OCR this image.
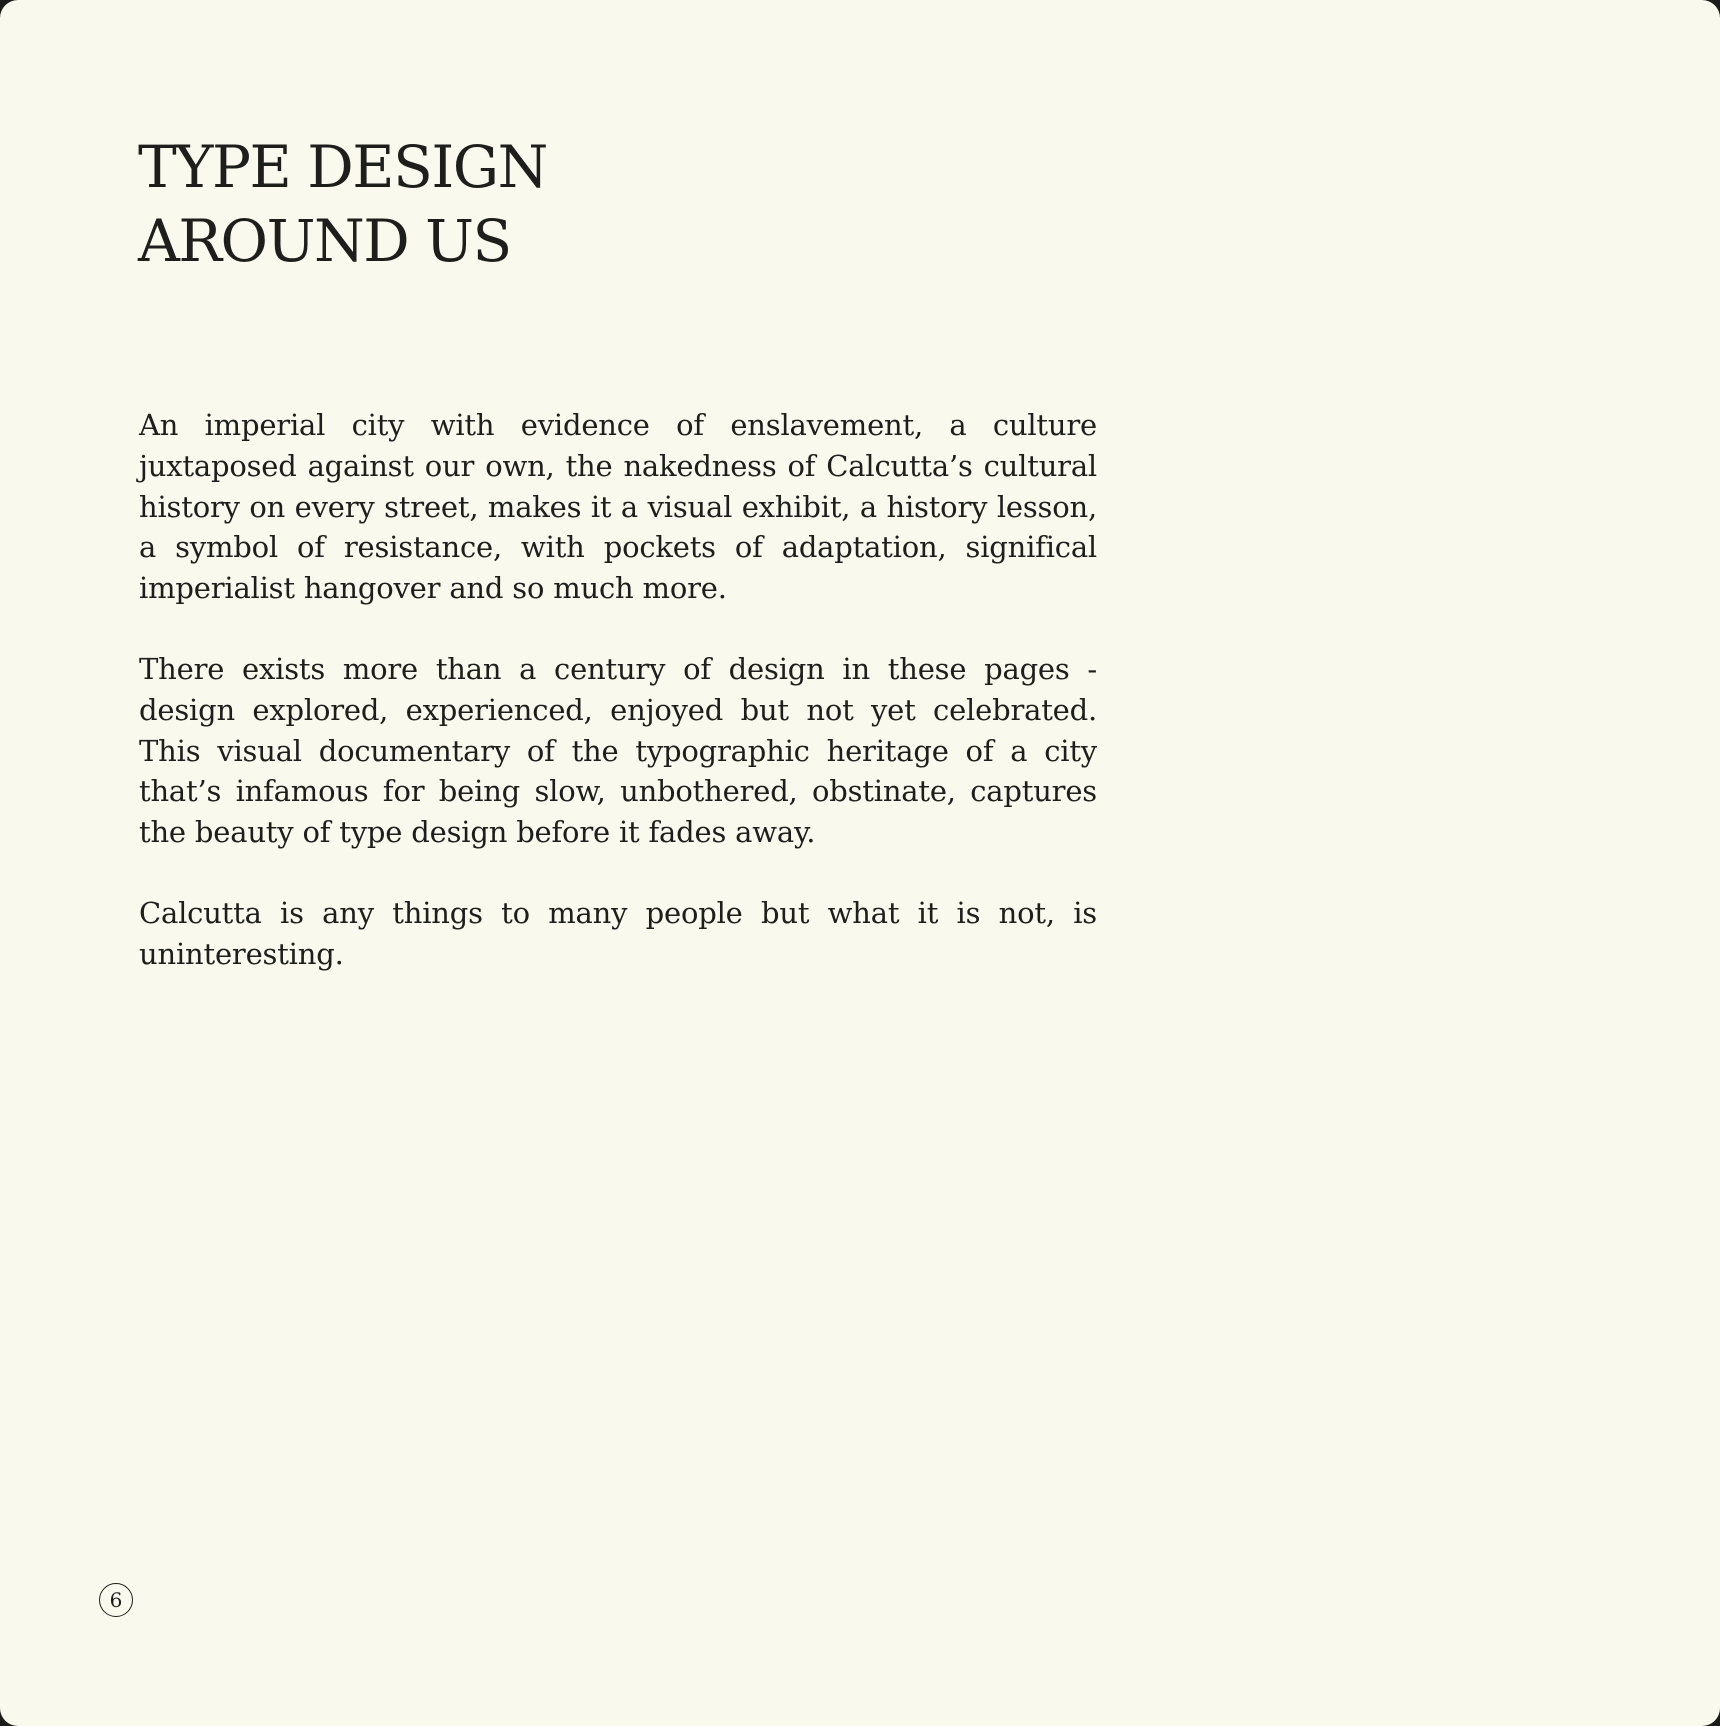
TYPE DESIGN
AROUND US

An imperial city with evidence of enslavement, a culture juxtaposed against our own, the nakedness of Calcutta’s cultural history on every street, makes it a visual exhibit, a history lesson, a symbol of resistance, with pockets of adaptation, significal imperialist hangover and so much more.

There exists more than a century of design in these pages - design explored, experienced, enjoyed but not yet celebrated. This visual documentary of the typographic heritage of a city that’s infamous for being slow, unbothered, obstinate, captures the beauty of type design before it fades away.

Calcutta is any things to many people but what it is not, is uninteresting.

6
